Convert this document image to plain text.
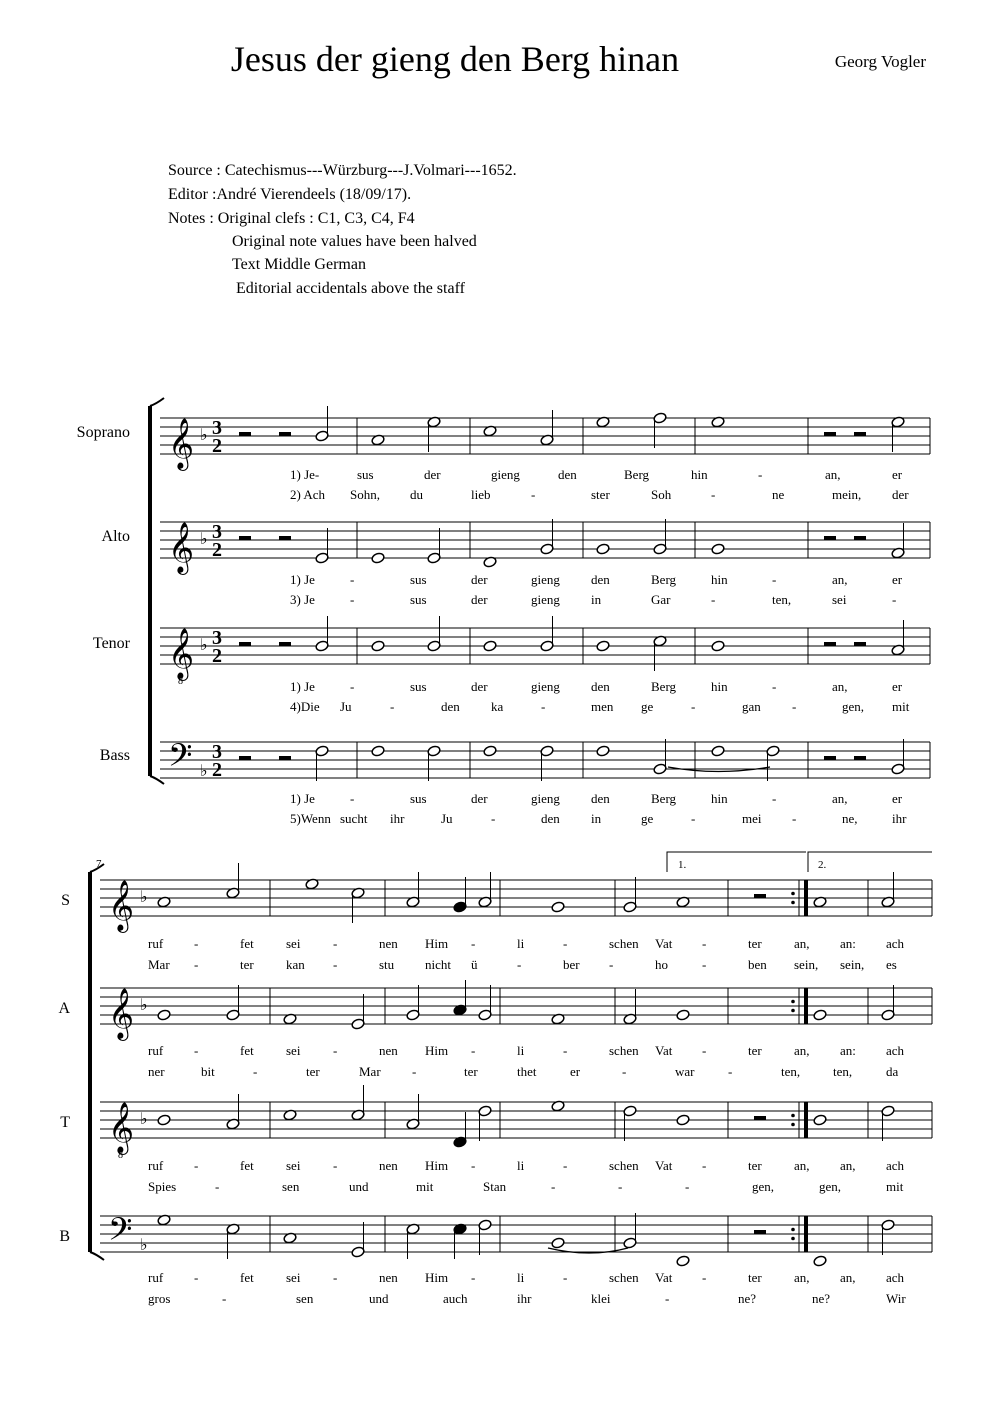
Jesus der gieng den Berg hinan	Georg Vogler
Source : Catechismus---Würzburg---J.Volmari---1652.
Editor :André Vierendeels (18/09/17).
Notes : Original clefs : C1, C3, C4, F4
Original note values have been halved
Text Middle German
Editorial accidentals above the staff
Soprano
Alto
Tenor
Bass
S
A
T
B
7	1.	2.
1) Je-	sus	der	gieng	den	Berg	hin	-	an,	er
2) Ach Sohn, du	lieb	-	ster	Soh	-	ne	mein, der
1) Je	-	sus	der	gieng den	Berg	hin	-	an,	er
3) Je	-	sus	der	gieng in	Gar	-	ten,	sei	-
1) Je	-	sus	der	gieng den	Berg	hin	-	an,	er
4)Die Ju	-	den ka	-	men ge	-	gan -	gen, mit
1) Je	-	sus	der	gieng den	Berg	hin	-	an,	er
5)Wenn sucht ihr	Ju	-	den in	ge	-	mei -	ne,	ihr
ruf -	fet sei	-	nen Him -	li	-	schen Vat -	ter an, an: ach
Mar -	ter kan -	stu nicht ü	-	ber -	ho	-	ben sein, sein, es
ruf -	fet sei	-	nen Him -	li	-	schen Vat -	ter an, an: ach
ner	bit	-	ter	Mar -	ter	thet	er	-	war	-	ten,	ten,	da
ruf -	fet sei	-	nen Him -	li	-	schen Vat -	ter an, an, ach
Spies	-	sen	und	mit	Stan	-	-	-	gen,	gen,	mit
ruf -	fet sei	-	nen Him -	li	-	schen Vat -	ter an, an, ach
gros	-	sen	und	auch	ihr	klei	-	ne?	ne?	Wir
𝄞 ♭ 3
2
𝄞 ♭ 3
2
𝄞
8
♭ 3
2
𝄢 ♭
3
2
𝄞 ♭
𝄞 ♭
𝄞
8
♭
𝄢 ♭
